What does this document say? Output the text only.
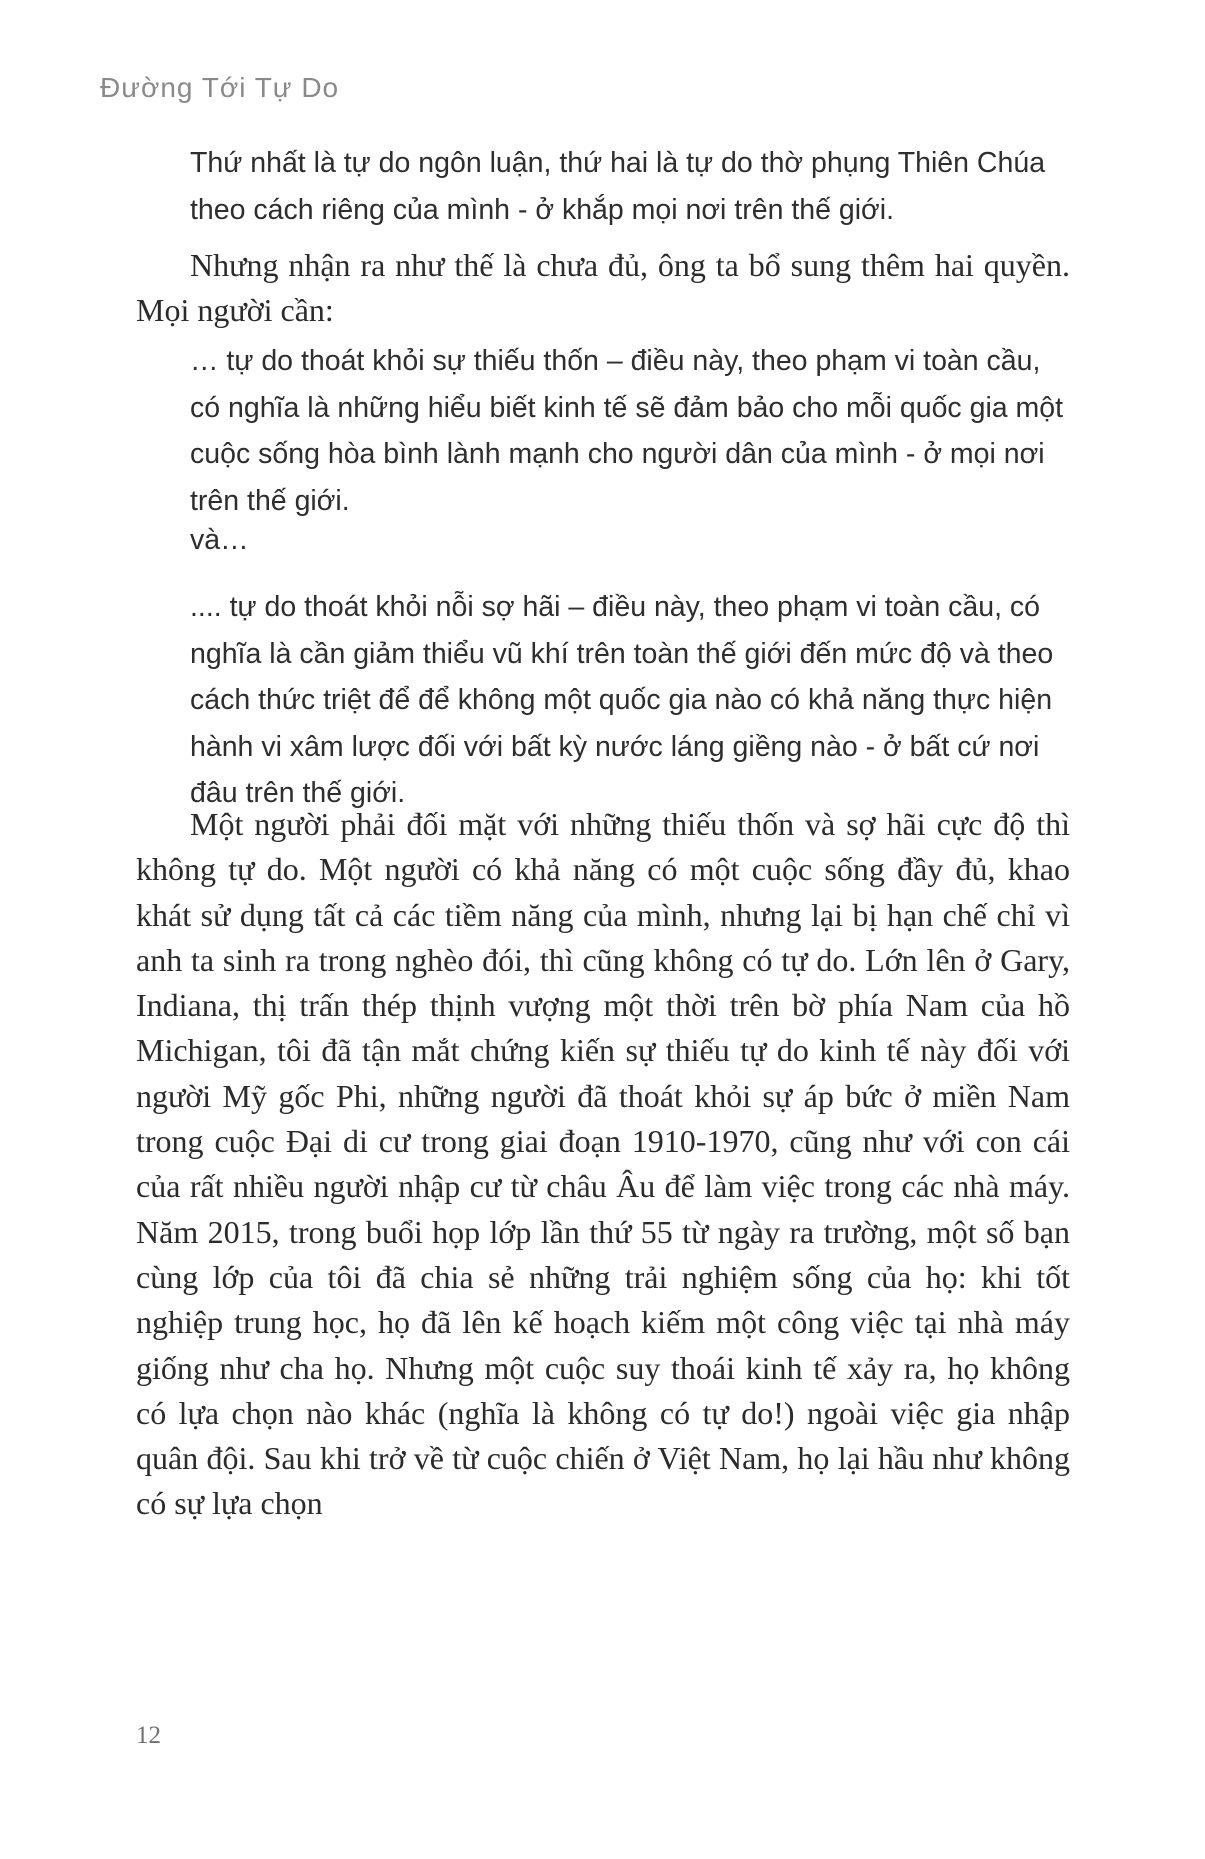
Đường Tới Tự Do

Thứ nhất là tự do ngôn luận, thứ hai là tự do thờ phụng Thiên Chúa theo cách riêng của mình - ở khắp mọi nơi trên thế giới.

Nhưng nhận ra như thế là chưa đủ, ông ta bổ sung thêm hai quyền. Mọi người cần:

… tự do thoát khỏi sự thiếu thốn – điều này, theo phạm vi toàn cầu, có nghĩa là những hiểu biết kinh tế sẽ đảm bảo cho mỗi quốc gia một cuộc sống hòa bình lành mạnh cho người dân của mình - ở mọi nơi trên thế giới.

và…

.... tự do thoát khỏi nỗi sợ hãi – điều này, theo phạm vi toàn cầu, có nghĩa là cần giảm thiểu vũ khí trên toàn thế giới đến mức độ và theo cách thức triệt để để không một quốc gia nào có khả năng thực hiện hành vi xâm lược đối với bất kỳ nước láng giềng nào - ở bất cứ nơi đâu trên thế giới.

Một người phải đối mặt với những thiếu thốn và sợ hãi cực độ thì không tự do. Một người có khả năng có một cuộc sống đầy đủ, khao khát sử dụng tất cả các tiềm năng của mình, nhưng lại bị hạn chế chỉ vì anh ta sinh ra trong nghèo đói, thì cũng không có tự do. Lớn lên ở Gary, Indiana, thị trấn thép thịnh vượng một thời trên bờ phía Nam của hồ Michigan, tôi đã tận mắt chứng kiến sự thiếu tự do kinh tế này đối với người Mỹ gốc Phi, những người đã thoát khỏi sự áp bức ở miền Nam trong cuộc Đại di cư trong giai đoạn 1910-1970, cũng như với con cái của rất nhiều người nhập cư từ châu Âu để làm việc trong các nhà máy. Năm 2015, trong buổi họp lớp lần thứ 55 từ ngày ra trường, một số bạn cùng lớp của tôi đã chia sẻ những trải nghiệm sống của họ: khi tốt nghiệp trung học, họ đã lên kế hoạch kiếm một công việc tại nhà máy giống như cha họ. Nhưng một cuộc suy thoái kinh tế xảy ra, họ không có lựa chọn nào khác (nghĩa là không có tự do!) ngoài việc gia nhập quân đội. Sau khi trở về từ cuộc chiến ở Việt Nam, họ lại hầu như không có sự lựa chọn

12
